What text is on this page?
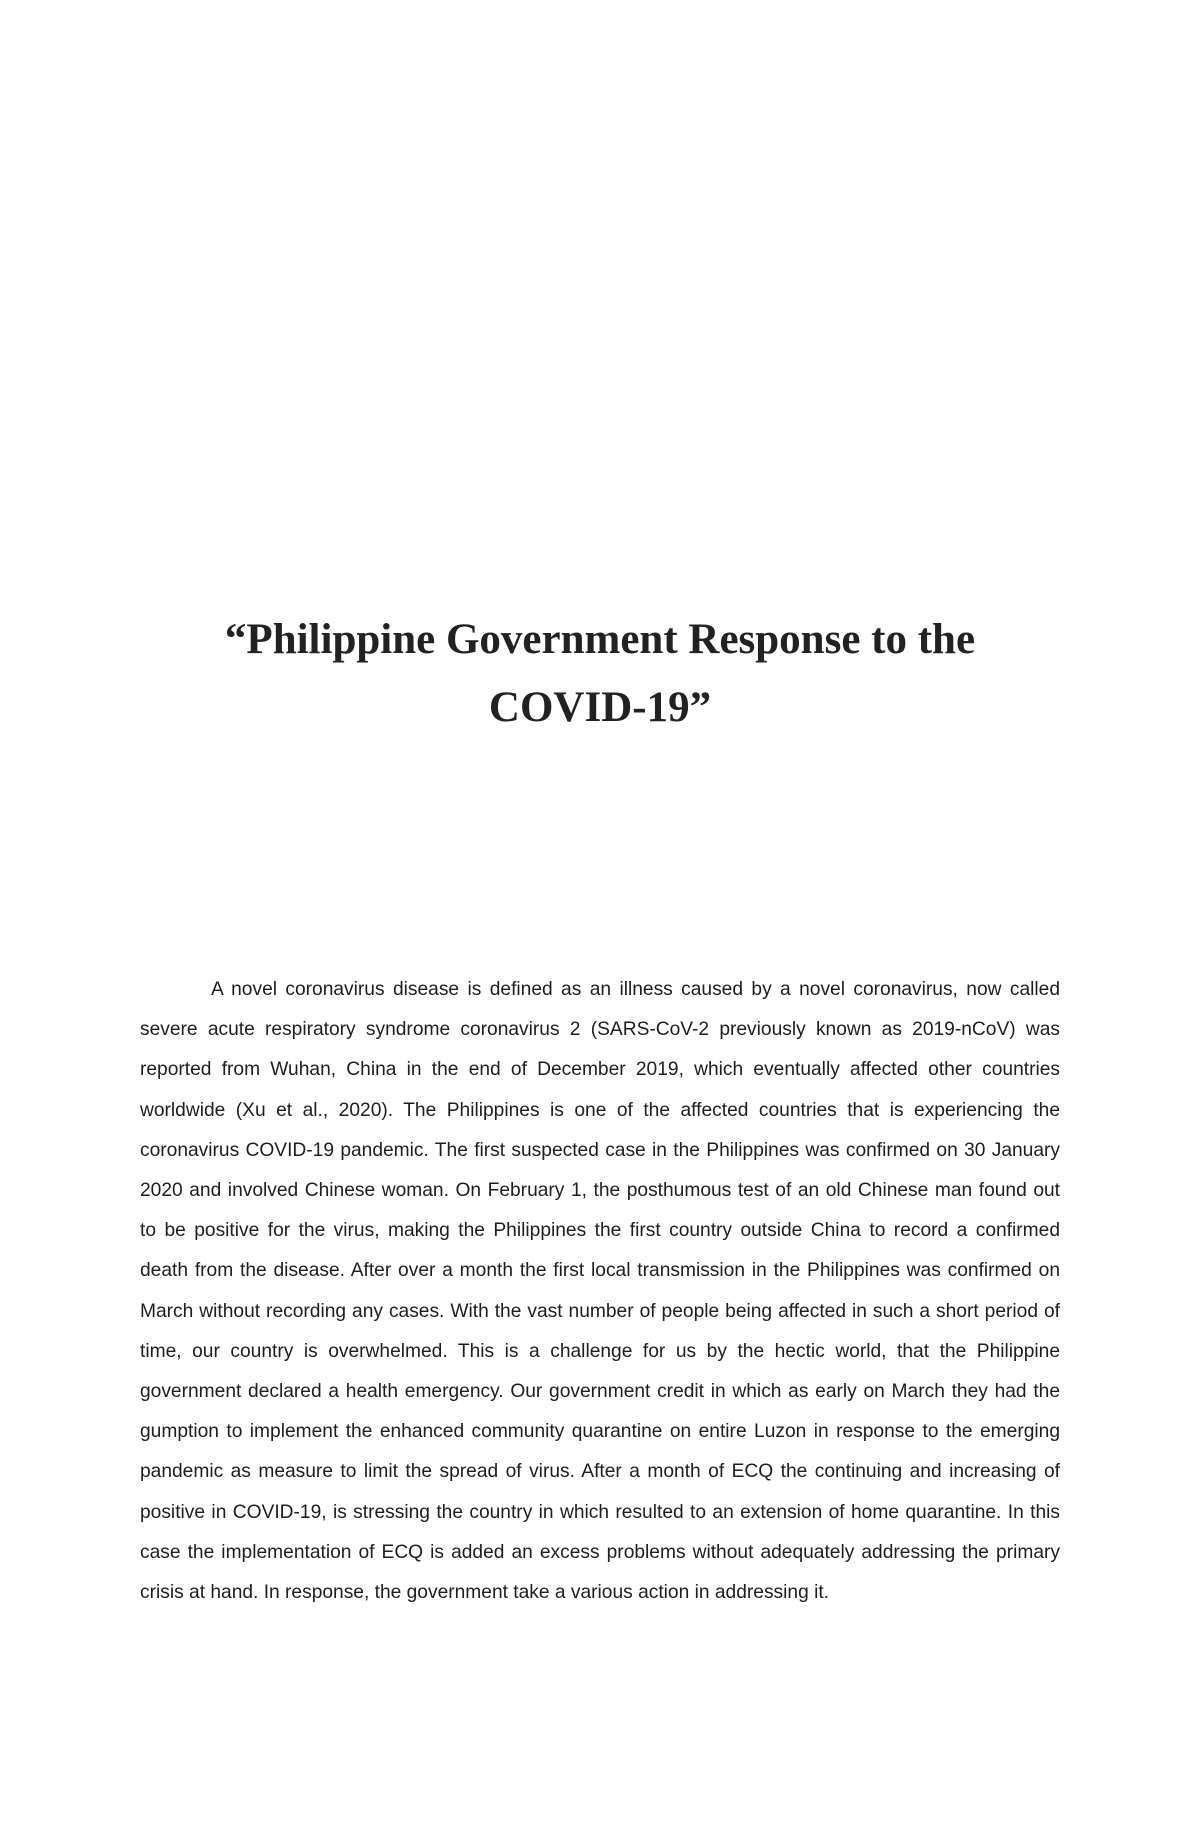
“Philippine Government Response to the
COVID-19”

A novel coronavirus disease is defined as an illness caused by a novel coronavirus, now called severe acute respiratory syndrome coronavirus 2 (SARS-CoV-2 previously known as 2019-nCoV) was reported from Wuhan, China in the end of December 2019, which eventually affected other countries worldwide (Xu et al., 2020). The Philippines is one of the affected countries that is experiencing the coronavirus COVID-19 pandemic. The first suspected case in the Philippines was confirmed on 30 January 2020 and involved Chinese woman. On February 1, the posthumous test of an old Chinese man found out to be positive for the virus, making the Philippines the first country outside China to record a confirmed death from the disease. After over a month the first local transmission in the Philippines was confirmed on March without recording any cases. With the vast number of people being affected in such a short period of time, our country is overwhelmed. This is a challenge for us by the hectic world, that the Philippine government declared a health emergency. Our government credit in which as early on March they had the gumption to implement the enhanced community quarantine on entire Luzon in response to the emerging pandemic as measure to limit the spread of virus. After a month of ECQ the continuing and increasing of positive in COVID-19, is stressing the country in which resulted to an extension of home quarantine. In this case the implementation of ECQ is added an excess problems without adequately addressing the primary crisis at hand. In response, the government take a various action in addressing it.
